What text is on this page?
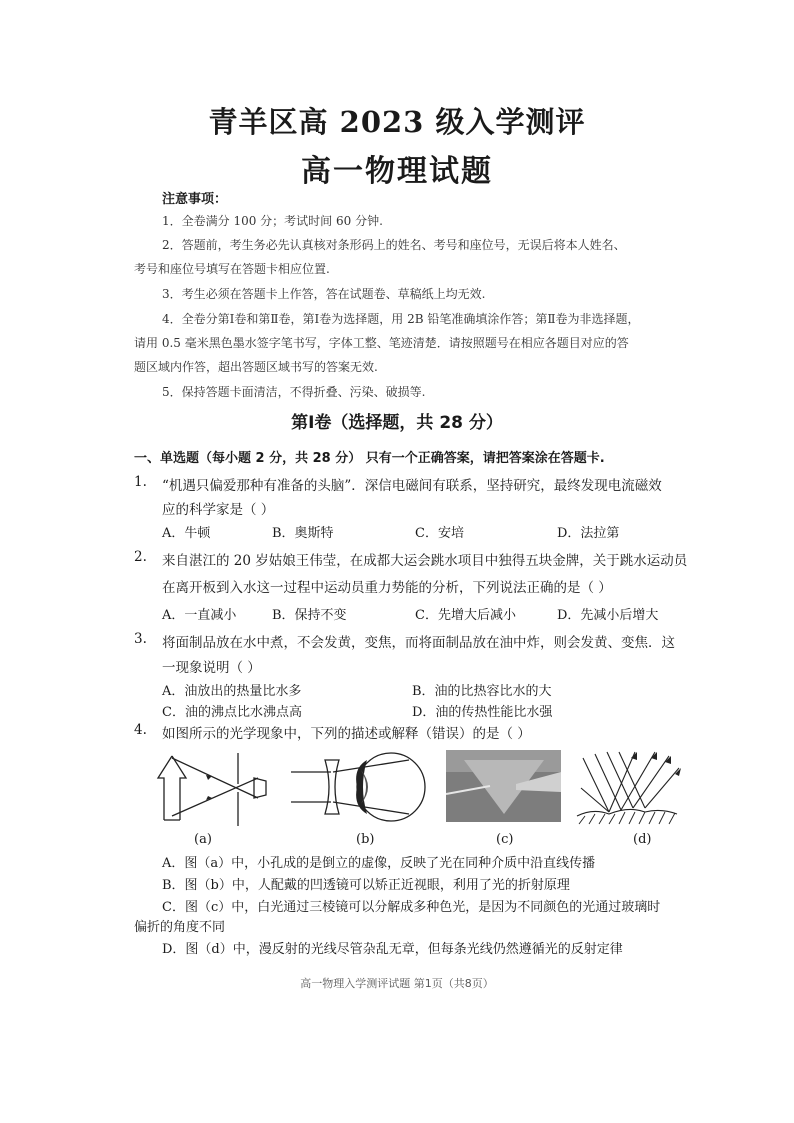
青羊区高 2023 级入学测评
高一物理试题
注意事项：
1．全卷满分 100 分；考试时间 60 分钟.
2．答题前，考生务必先认真核对条形码上的姓名、考号和座位号，无误后将本人姓名、
考号和座位号填写在答题卡相应位置.
3．考生必须在答题卡上作答，答在试题卷、草稿纸上均无效.
4．全卷分第Ⅰ卷和第Ⅱ卷，第Ⅰ卷为选择题，用 2B 铅笔准确填涂作答；第Ⅱ卷为非选择题，
请用 0.5 毫米黑色墨水签字笔书写，字体工整、笔迹清楚．请按照题号在相应各题目对应的答
题区域内作答，超出答题区域书写的答案无效.
5．保持答题卡面清洁，不得折叠、污染、破损等.
第Ⅰ卷（选择题，共 28 分）
一、单选题（每小题 2 分，共 28 分） 只有一个正确答案，请把答案涂在答题卡.
1. “机遇只偏爱那种有准备的头脑”．深信电磁间有联系，坚持研究，最终发现电流磁效
应的科学家是（ ）
A．牛顿	B．奥斯特	C．安培	D．法拉第
2. 来自湛江的 20 岁姑娘王伟莹，在成都大运会跳水项目中独得五块金牌，关于跳水运动员
在离开板到入水这一过程中运动员重力势能的分析，下列说法正确的是（ ）
A．一直减小	B．保持不变	C．先增大后减小	D．先减小后增大
3. 将面制品放在水中煮，不会发黄，变焦，而将面制品放在油中炸，则会发黄、变焦．这
一现象说明（ ）
A．油放出的热量比水多	B．油的比热容比水的大
C．油的沸点比水沸点高	D．油的传热性能比水强
4. 如图所示的光学现象中，下列的描述或解释（错误）的是（ ）
(a)	(b)	(c)	(d)
A．图（a）中，小孔成的是倒立的虚像，反映了光在同种介质中沿直线传播
B．图（b）中，人配戴的凹透镜可以矫正近视眼，利用了光的折射原理
C．图（c）中，白光通过三棱镜可以分解成多种色光，是因为不同颜色的光通过玻璃时
偏折的角度不同
D．图（d）中，漫反射的光线尽管杂乱无章，但每条光线仍然遵循光的反射定律
高一物理入学测评试题 第1页（共8页）
